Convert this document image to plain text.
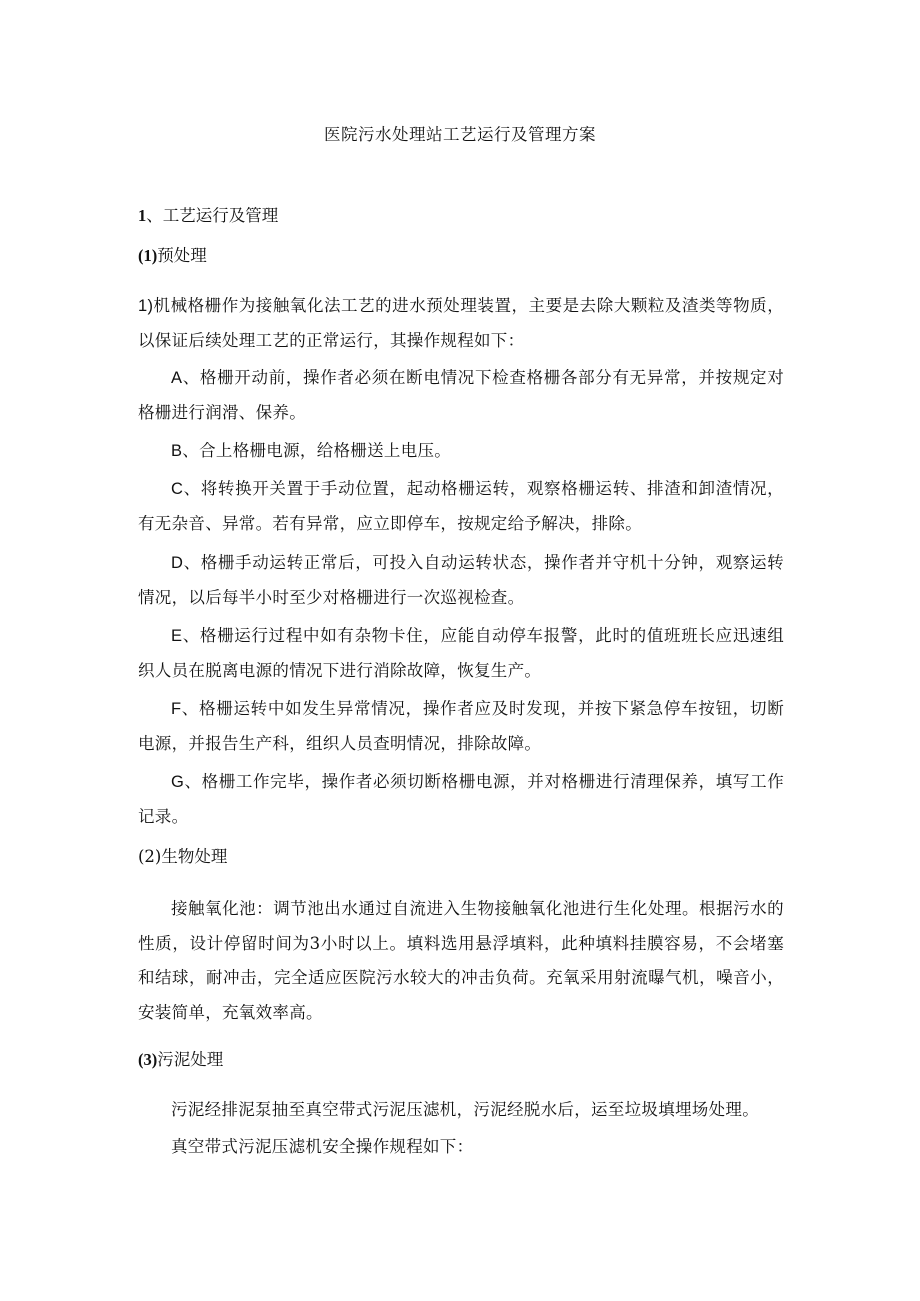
医院污水处理站工艺运行及管理方案
1、工艺运行及管理
(1)预处理
1)机械格栅作为接触氧化法工艺的进水预处理装置，主要是去除大颗粒及渣类等物质，以保证后续处理工艺的正常运行，其操作规程如下：
A、格栅开动前，操作者必须在断电情况下检查格栅各部分有无异常，并按规定对格栅进行润滑、保养。
B、合上格栅电源，给格栅送上电压。
C、将转换开关置于手动位置，起动格栅运转，观察格栅运转、排渣和卸渣情况，有无杂音、异常。若有异常，应立即停车，按规定给予解决，排除。
D、格栅手动运转正常后，可投入自动运转状态，操作者并守机十分钟，观察运转情况，以后每半小时至少对格栅进行一次巡视检查。
E、格栅运行过程中如有杂物卡住，应能自动停车报警，此时的值班班长应迅速组织人员在脱离电源的情况下进行消除故障，恢复生产。
F、格栅运转中如发生异常情况，操作者应及时发现，并按下紧急停车按钮，切断电源，并报告生产科，组织人员查明情况，排除故障。
G、格栅工作完毕，操作者必须切断格栅电源，并对格栅进行清理保养，填写工作记录。
(2)生物处理
接触氧化池：调节池出水通过自流进入生物接触氧化池进行生化处理。根据污水的性质，设计停留时间为3小时以上。填料选用悬浮填料，此种填料挂膜容易，不会堵塞和结球，耐冲击，完全适应医院污水较大的冲击负荷。充氧采用射流曝气机，噪音小，安装简单，充氧效率高。
(3)污泥处理
污泥经排泥泵抽至真空带式污泥压滤机，污泥经脱水后，运至垃圾填埋场处理。
真空带式污泥压滤机安全操作规程如下：
